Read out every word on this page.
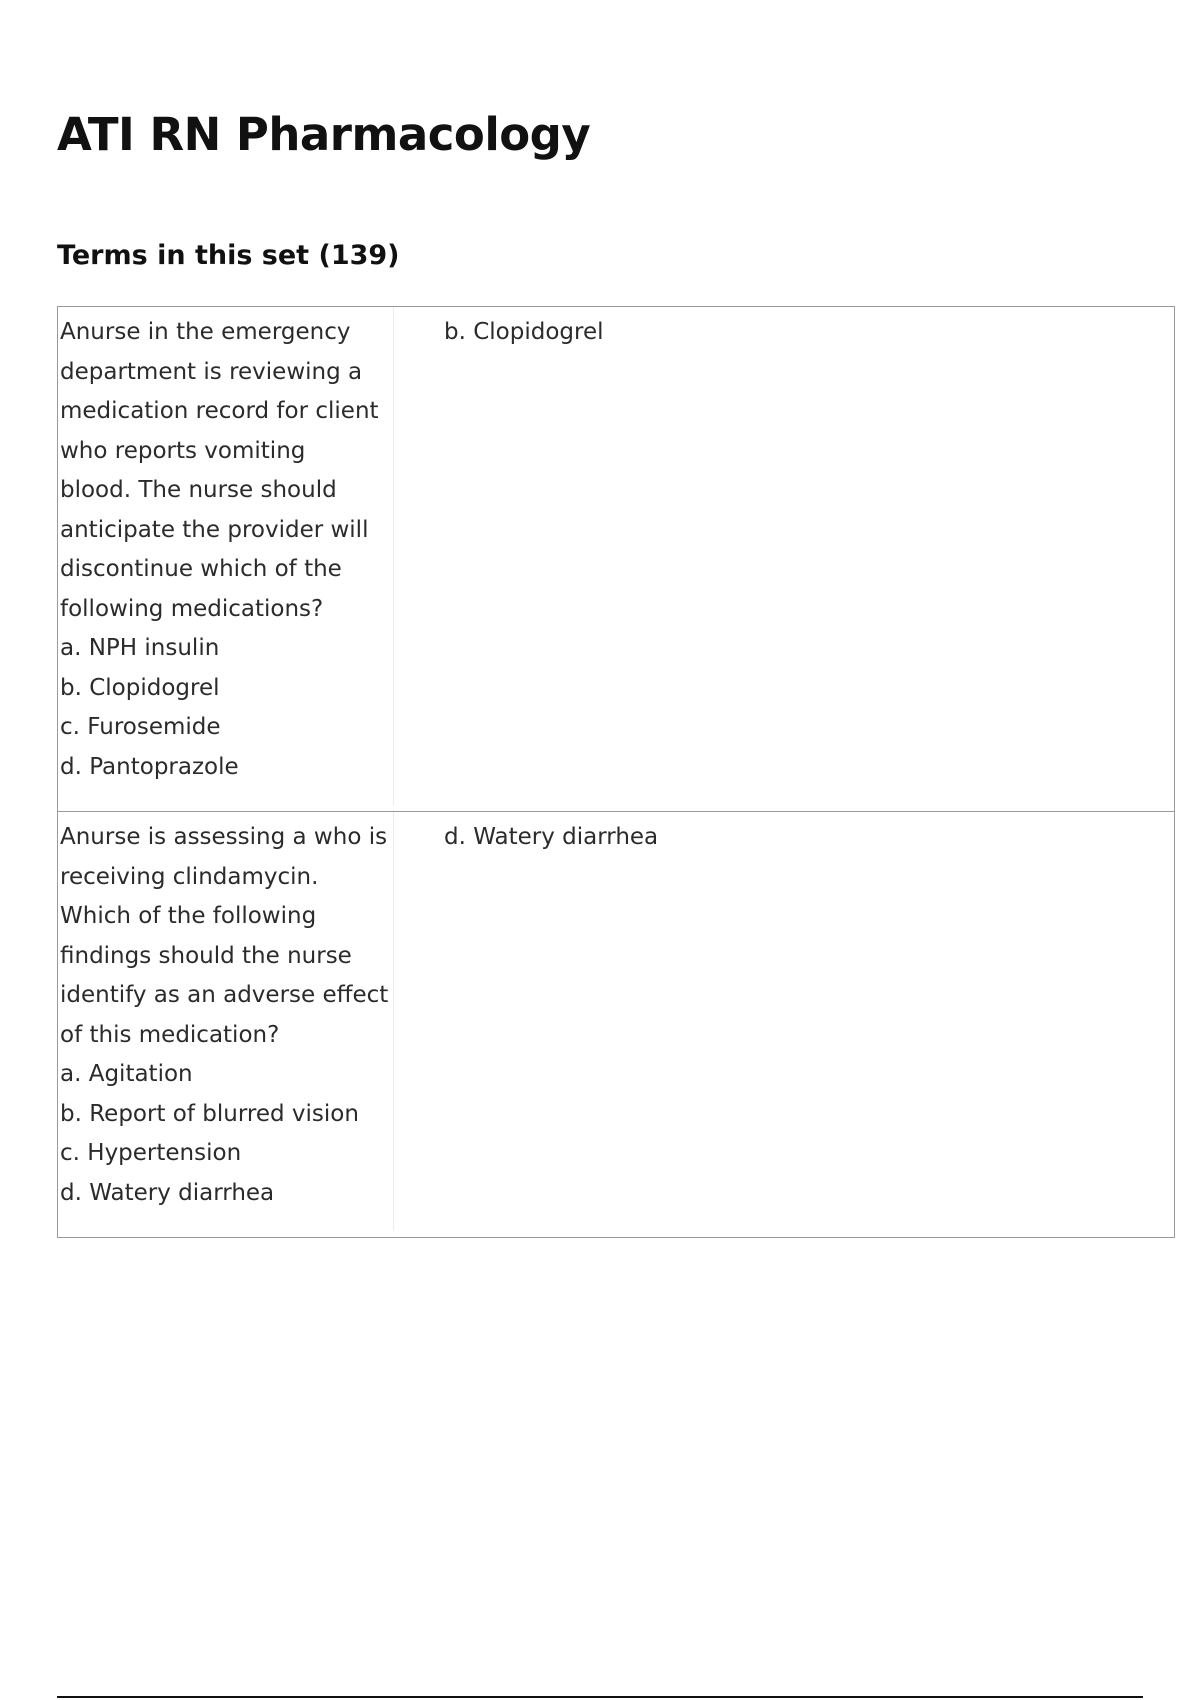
ATI RN Pharmacology
Terms in this set (139)
Anurse in the emergency
department is reviewing a
medication record for client
who reports vomiting
blood. The nurse should
anticipate the provider will
discontinue which of the
following medications?
a. NPH insulin
b. Clopidogrel
c. Furosemide
d. Pantoprazole
b. Clopidogrel
Anurse is assessing a who is
receiving clindamycin.
Which of the following
findings should the nurse
identify as an adverse effect
of this medication?
a. Agitation
b. Report of blurred vision
c. Hypertension
d. Watery diarrhea
d. Watery diarrhea
